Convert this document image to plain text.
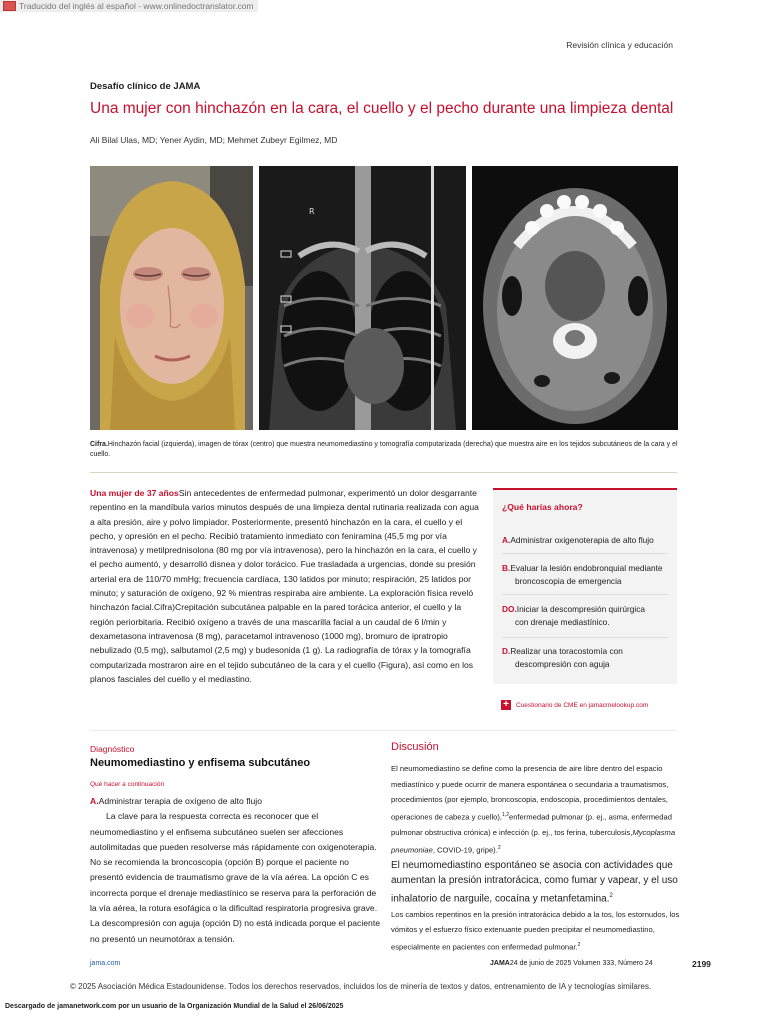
Traducido del inglés al español - www.onlinedoctranslator.com
Revisión clínica y educación
Desafío clínico de JAMA
Una mujer con hinchazón en la cara, el cuello y el pecho durante una limpieza dental
Ali Bilal Ulas, MD; Yener Aydin, MD; Mehmet Zubeyr Egilmez, MD
R
Cifra.Hinchazón facial (izquierda), imagen de tórax (centro) que muestra neumomediastino y tomografía computarizada (derecha) que muestra aire en los tejidos subcutáneos de la cara y el cuello.
Una mujer de 37 añosSin antecedentes de enfermedad pulmonar, experimentó un dolor desgarrante repentino en la mandíbula varios minutos después de una limpieza dental rutinaria realizada con agua a alta presión, aire y polvo limpiador. Posteriormente, presentó hinchazón en la cara, el cuello y el pecho, y opresión en el pecho. Recibió tratamiento inmediato con feniramina (45,5 mg por vía intravenosa) y metilprednisolona (80 mg por vía intravenosa), pero la hinchazón en la cara, el cuello y el pecho aumentó, y desarrolló disnea y dolor torácico. Fue trasladada a urgencias, donde su presión arterial era de 110/70 mmHg; frecuencia cardíaca, 130 latidos por minuto; respiración, 25 latidos por minuto; y saturación de oxígeno, 92 % mientras respiraba aire ambiente. La exploración física reveló hinchazón facial.Cifra)Crepitación subcutánea palpable en la pared torácica anterior, el cuello y la región periorbitaria. Recibió oxígeno a través de una mascarilla facial a un caudal de 6 l/min y dexametasona intravenosa (8 mg), paracetamol intravenoso (1000 mg), bromuro de ipratropio nebulizado (0,5 mg), salbutamol (2,5 mg) y budesonida (1 g). La radiografía de tórax y la tomografía computarizada mostraron aire en el tejido subcutáneo de la cara y el cuello (Figura), así como en los planos fasciales del cuello y el mediastino.
¿Qué harías ahora?
A.Administrar oxigenoterapia de alto flujo
B.Evaluar la lesión endobronquial mediante
broncoscopia de emergencia
DO.Iniciar la descompresión quirúrgica
con drenaje mediastínico.
D.Realizar una toracostomía con
descompresión con aguja
+	Cuestionario de CME en jamacmelookup.com
Diagnóstico
Neumomediastino y enfisema subcutáneo
Qué hacer a continuación
A.Administrar terapia de oxígeno de alto flujo
La clave para la respuesta correcta es reconocer que el neumomediastino y el enfisema subcutáneo suelen ser afecciones autolimitadas que pueden resolverse más rápidamente con oxigenoterapia. No se recomienda la broncoscopia (opción B) porque el paciente no presentó evidencia de traumatismo grave de la vía aérea. La opción C es incorrecta porque el drenaje mediastínico se reserva para la perforación de la vía aérea, la rotura esofágica o la dificultad respiratoria progresiva grave. La descompresión con aguja (opción D) no está indicada porque el paciente no presentó un neumotórax a tensión.
Discusión
El neumomediastino se define como la presencia de aire libre dentro del espacio mediastínico y puede ocurrir de manera espontánea o secundaria a traumatismos, procedimientos (por ejemplo, broncoscopia, endoscopia, procedimientos dentales, operaciones de cabeza y cuello),$^{1,2}$enfermedad pulmonar (p. ej., asma, enfermedad pulmonar obstructiva crónica) e infección (p. ej., tos ferina, tuberculosis,Mycoplasma pneumoniae, COVID-19, gripe).$^2$
El neumomediastino espontáneo se asocia con actividades que aumentan la presión intratorácica, como fumar y vapear, y el uso inhalatorio de narguile, cocaína y metanfetamina.$^2$
Los cambios repentinos en la presión intratorácica debido a la tos, los estornudos, los vómitos y el esfuerzo físico extenuante pueden precipitar el neumomediastino, especialmente en pacientes con enfermedad pulmonar.$^2$
jama.com	JAMA24 de junio de 2025 Volumen 333, Número 24	2199
© 2025 Asociación Médica Estadounidense. Todos los derechos reservados, incluidos los de minería de textos y datos, entrenamiento de IA y tecnologías similares.
Descargado de jamanetwork.com por un usuario de la Organización Mundial de la Salud el 26/06/2025
